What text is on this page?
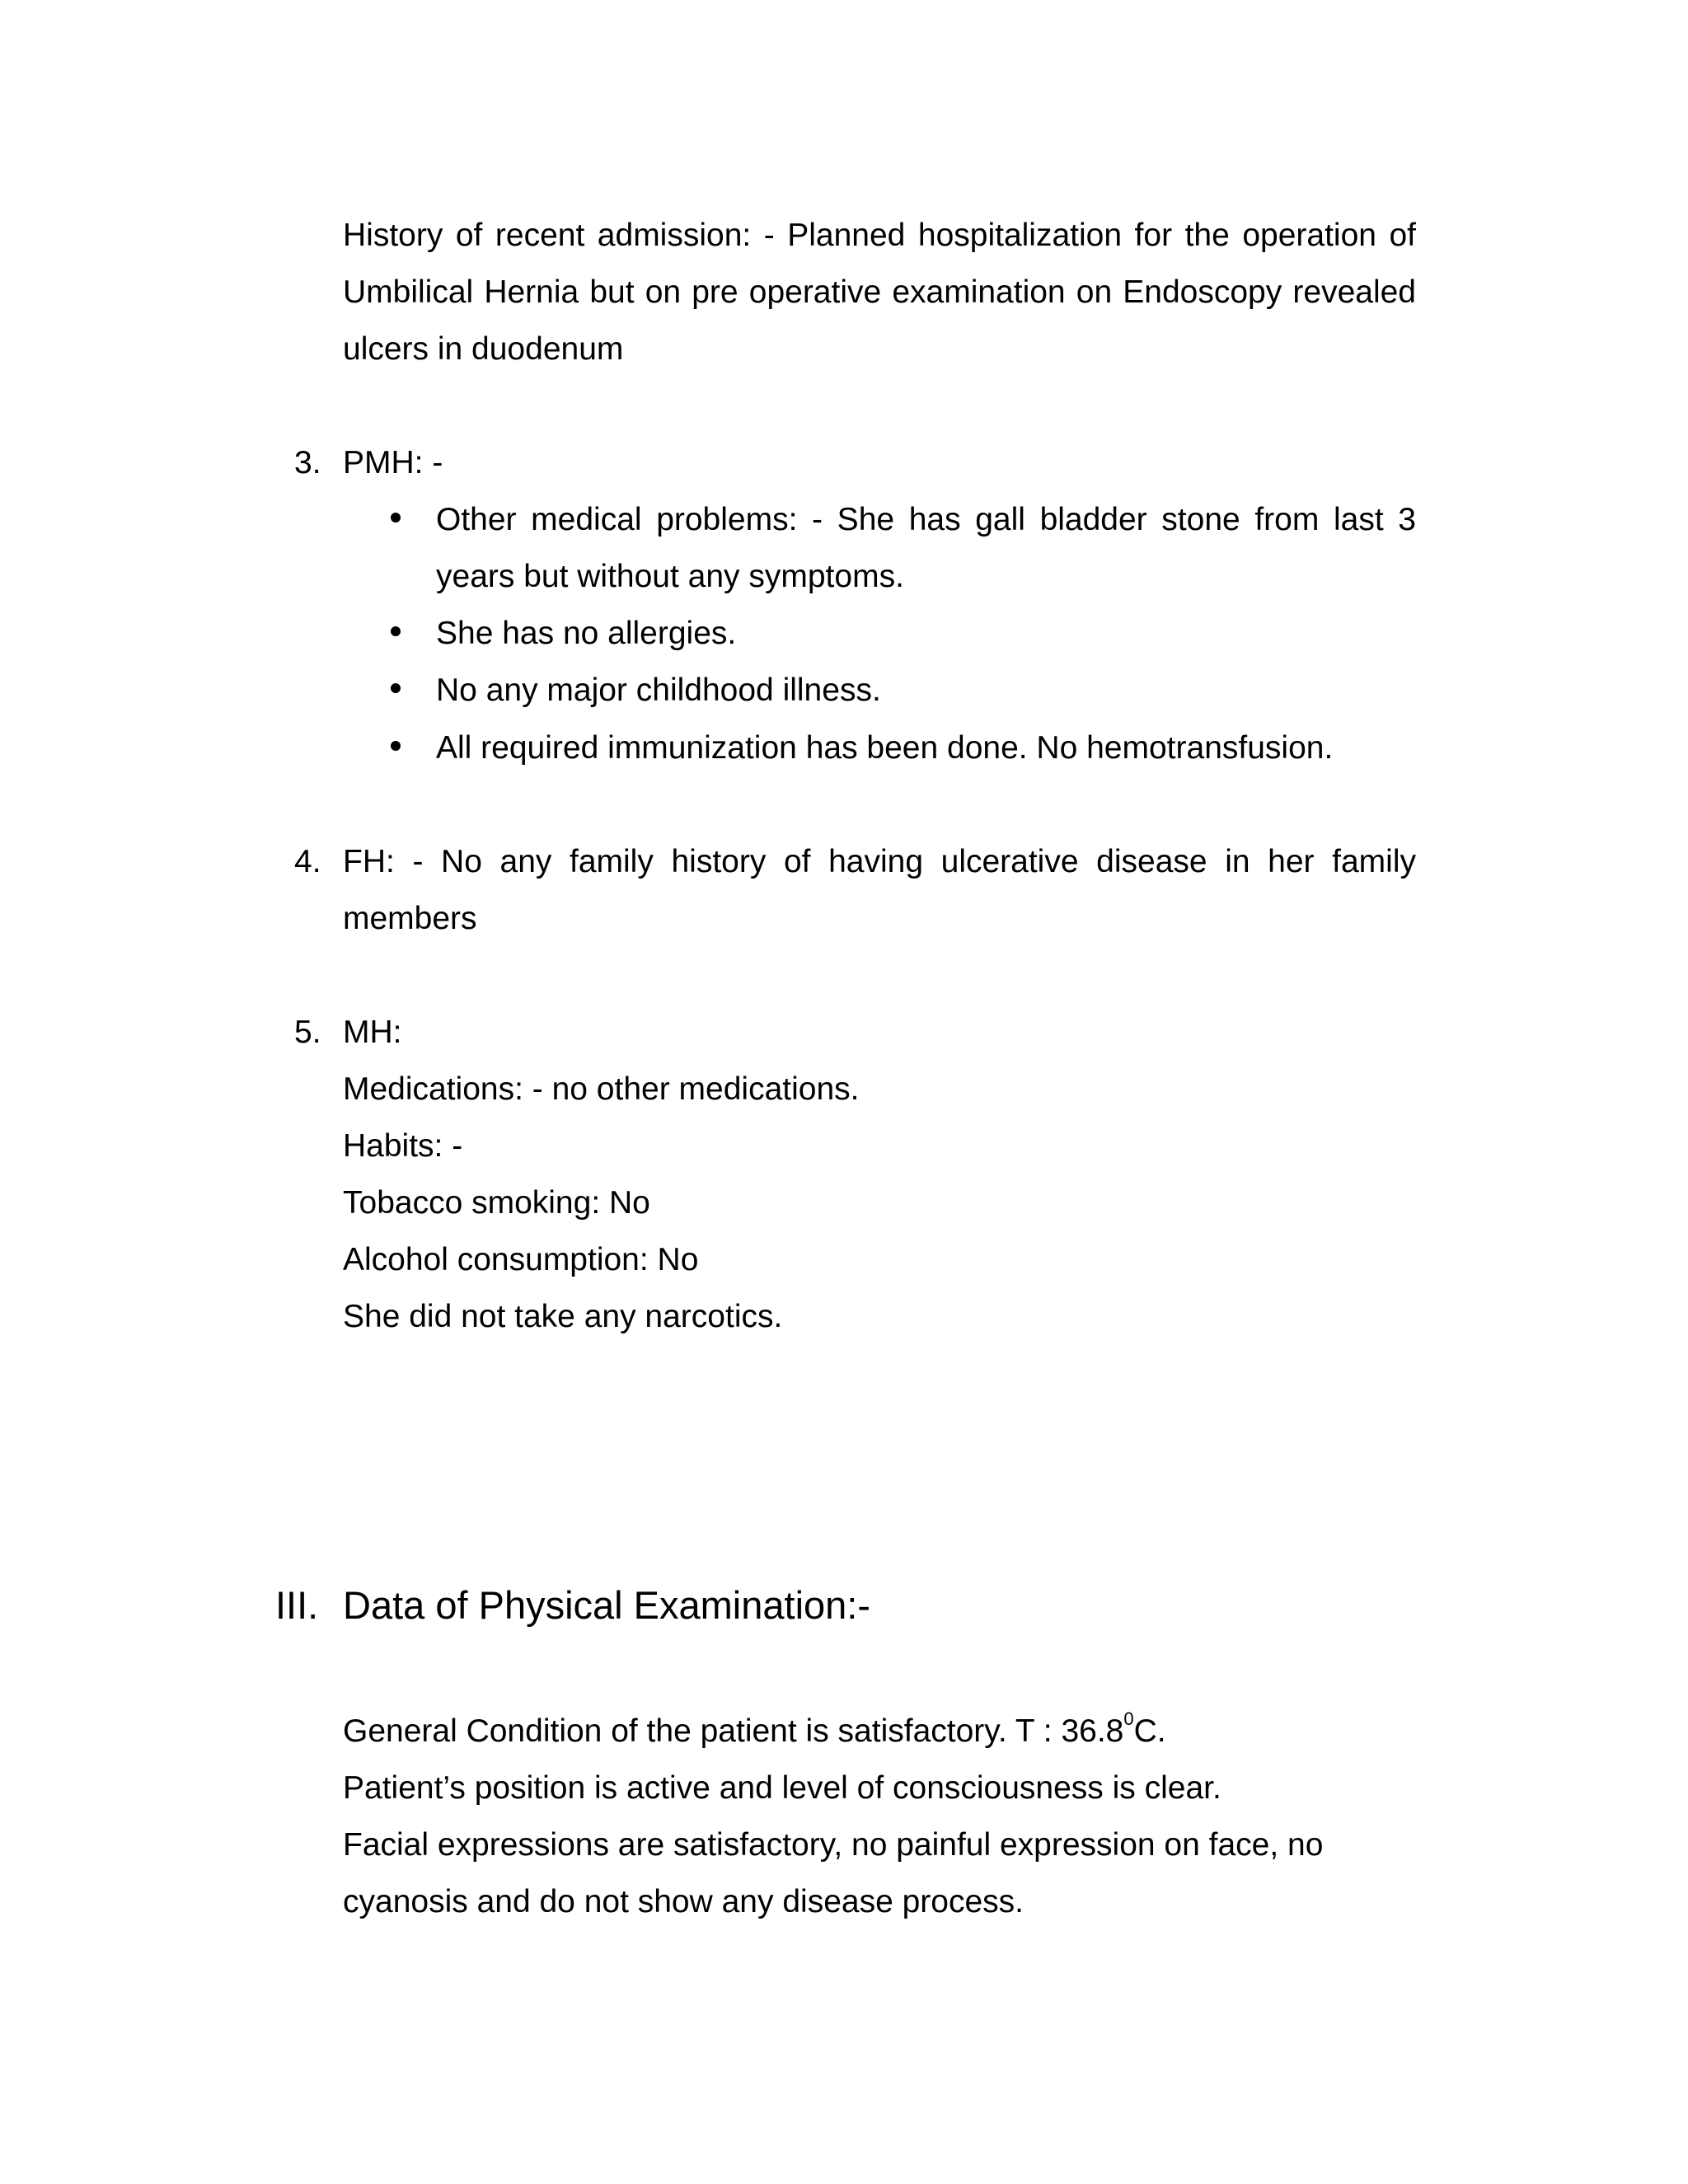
History of recent admission: - Planned hospitalization for the operation of
Umbilical Hernia but on pre operative examination on Endoscopy revealed
ulcers in duodenum
3. PMH: -
Other medical problems: - She has gall bladder stone from last 3
years but without any symptoms.
She has no allergies.
No any major childhood illness.
All required immunization has been done. No hemotransfusion.
4. FH: - No any family history of having ulcerative disease in her family
members
5. MH:
Medications: - no other medications.
Habits: -
Tobacco smoking: No
Alcohol consumption: No
She did not take any narcotics.
III. Data of Physical Examination:-
General Condition of the patient is satisfactory. T : 36.8$^0$C.
Patient’s position is active and level of consciousness is clear.
Facial expressions are satisfactory, no painful expression on face, no
cyanosis and do not show any disease process.
